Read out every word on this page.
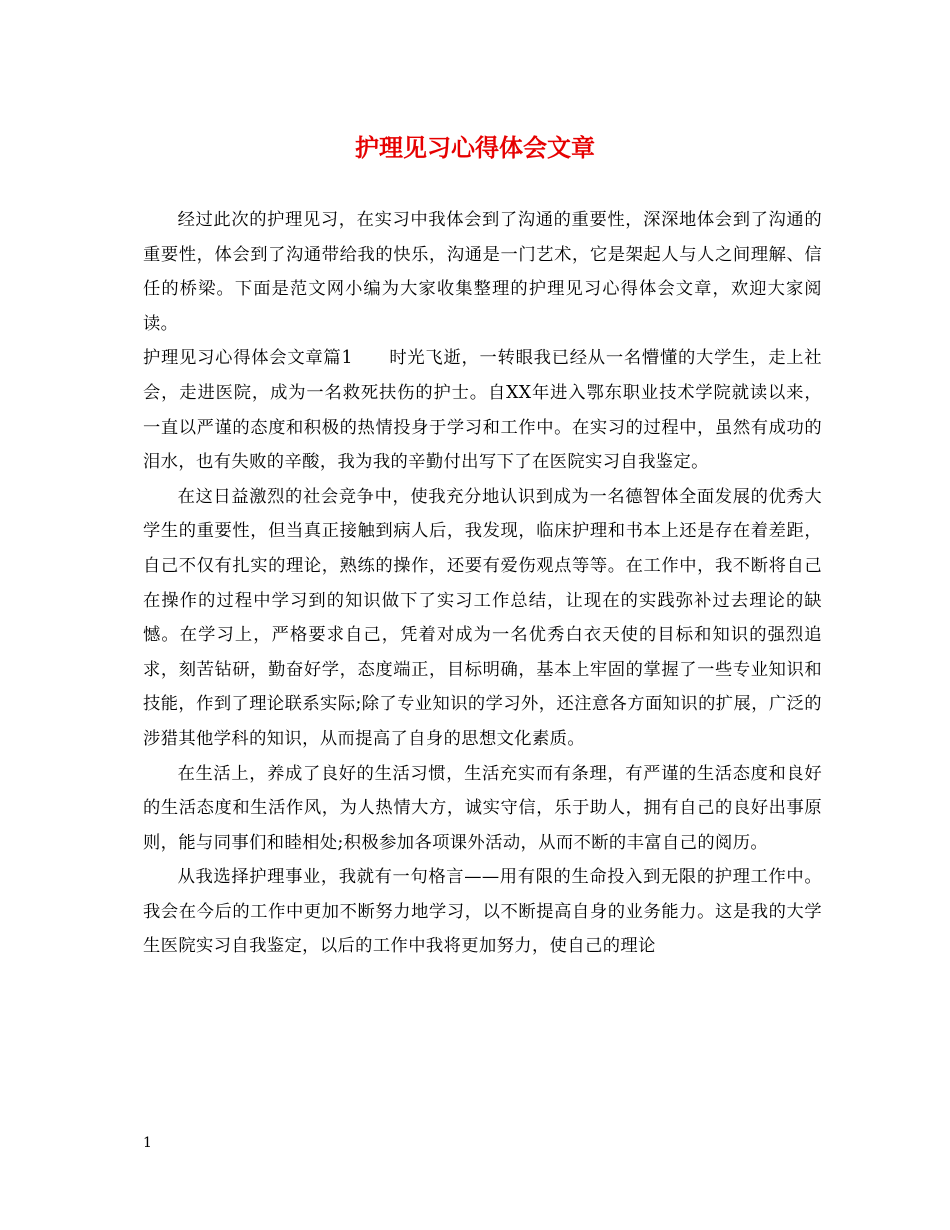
护理见习心得体会文章

经过此次的护理见习，在实习中我体会到了沟通的重要性，深深地体会到了沟通的重要性，体会到了沟通带给我的快乐，沟通是一门艺术，它是架起人与人之间理解、信任的桥梁。下面是范文网小编为大家收集整理的护理见习心得体会文章，欢迎大家阅读。

护理见习心得体会文章篇1　　时光飞逝，一转眼我已经从一名懵懂的大学生，走上社会，走进医院，成为一名救死扶伤的护士。自XX年进入鄂东职业技术学院就读以来，一直以严谨的态度和积极的热情投身于学习和工作中。在实习的过程中，虽然有成功的泪水，也有失败的辛酸，我为我的辛勤付出写下了在医院实习自我鉴定。

在这日益激烈的社会竞争中，使我充分地认识到成为一名德智体全面发展的优秀大学生的重要性，但当真正接触到病人后，我发现，临床护理和书本上还是存在着差距，自己不仅有扎实的理论，熟练的操作，还要有爱伤观点等等。在工作中，我不断将自己在操作的过程中学习到的知识做下了实习工作总结，让现在的实践弥补过去理论的缺憾。在学习上，严格要求自己，凭着对成为一名优秀白衣天使的目标和知识的强烈追求，刻苦钻研，勤奋好学，态度端正，目标明确，基本上牢固的掌握了一些专业知识和技能，作到了理论联系实际;除了专业知识的学习外，还注意各方面知识的扩展，广泛的涉猎其他学科的知识，从而提高了自身的思想文化素质。

在生活上，养成了良好的生活习惯，生活充实而有条理，有严谨的生活态度和良好的生活态度和生活作风，为人热情大方，诚实守信，乐于助人，拥有自己的良好出事原则，能与同事们和睦相处;积极参加各项课外活动，从而不断的丰富自己的阅历。

从我选择护理事业，我就有一句格言——用有限的生命投入到无限的护理工作中。我会在今后的工作中更加不断努力地学习，以不断提高自身的业务能力。这是我的大学生医院实习自我鉴定，以后的工作中我将更加努力，使自己的理论

1
